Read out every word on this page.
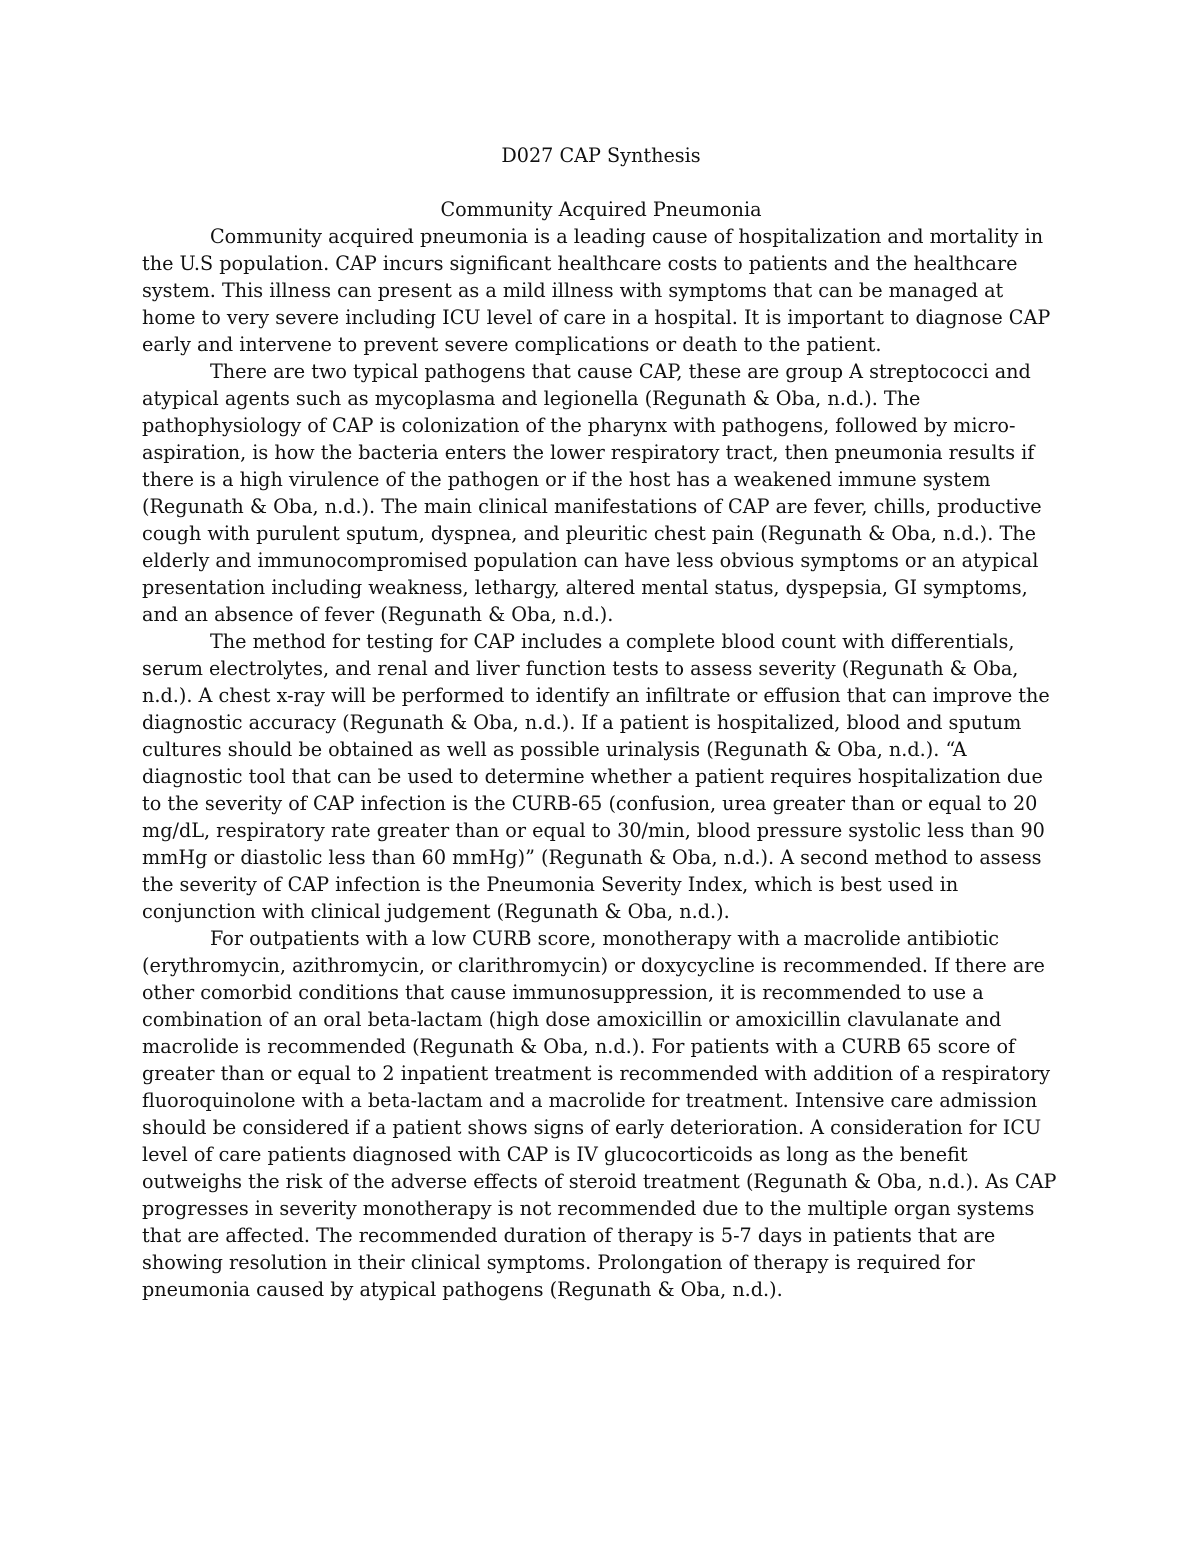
D027 CAP Synthesis

Community Acquired Pneumonia

Community acquired pneumonia is a leading cause of hospitalization and mortality in the U.S population. CAP incurs significant healthcare costs to patients and the healthcare system. This illness can present as a mild illness with symptoms that can be managed at home to very severe including ICU level of care in a hospital. It is important to diagnose CAP early and intervene to prevent severe complications or death to the patient.

There are two typical pathogens that cause CAP, these are group A streptococci and atypical agents such as mycoplasma and legionella (Regunath & Oba, n.d.). The pathophysiology of CAP is colonization of the pharynx with pathogens, followed by micro-aspiration, is how the bacteria enters the lower respiratory tract, then pneumonia results if there is a high virulence of the pathogen or if the host has a weakened immune system (Regunath & Oba, n.d.). The main clinical manifestations of CAP are fever, chills, productive cough with purulent sputum, dyspnea, and pleuritic chest pain (Regunath & Oba, n.d.). The elderly and immunocompromised population can have less obvious symptoms or an atypical presentation including weakness, lethargy, altered mental status, dyspepsia, GI symptoms, and an absence of fever (Regunath & Oba, n.d.).

The method for testing for CAP includes a complete blood count with differentials, serum electrolytes, and renal and liver function tests to assess severity (Regunath & Oba, n.d.). A chest x-ray will be performed to identify an infiltrate or effusion that can improve the diagnostic accuracy (Regunath & Oba, n.d.). If a patient is hospitalized, blood and sputum cultures should be obtained as well as possible urinalysis (Regunath & Oba, n.d.). “A diagnostic tool that can be used to determine whether a patient requires hospitalization due to the severity of CAP infection is the CURB-65 (confusion, urea greater than or equal to 20 mg/dL, respiratory rate greater than or equal to 30/min, blood pressure systolic less than 90 mmHg or diastolic less than 60 mmHg)” (Regunath & Oba, n.d.). A second method to assess the severity of CAP infection is the Pneumonia Severity Index, which is best used in conjunction with clinical judgement (Regunath & Oba, n.d.).

For outpatients with a low CURB score, monotherapy with a macrolide antibiotic (erythromycin, azithromycin, or clarithromycin) or doxycycline is recommended. If there are other comorbid conditions that cause immunosuppression, it is recommended to use a combination of an oral beta-lactam (high dose amoxicillin or amoxicillin clavulanate and macrolide is recommended (Regunath & Oba, n.d.). For patients with a CURB 65 score of greater than or equal to 2 inpatient treatment is recommended with addition of a respiratory fluoroquinolone with a beta-lactam and a macrolide for treatment. Intensive care admission should be considered if a patient shows signs of early deterioration. A consideration for ICU level of care patients diagnosed with CAP is IV glucocorticoids as long as the benefit outweighs the risk of the adverse effects of steroid treatment (Regunath & Oba, n.d.). As CAP progresses in severity monotherapy is not recommended due to the multiple organ systems that are affected. The recommended duration of therapy is 5-7 days in patients that are showing resolution in their clinical symptoms. Prolongation of therapy is required for pneumonia caused by atypical pathogens (Regunath & Oba, n.d.).
